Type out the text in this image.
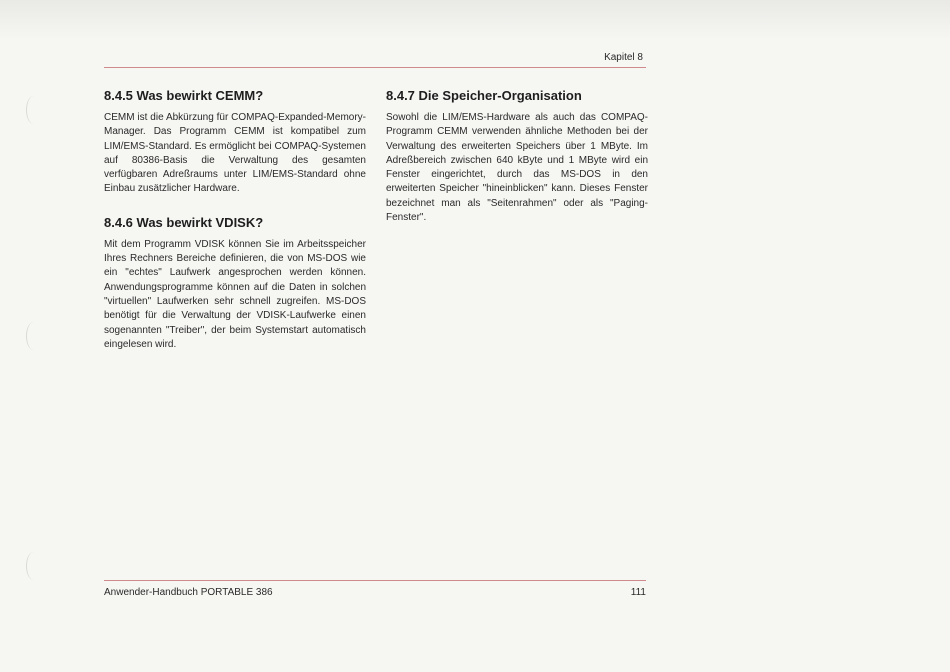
Kapitel 8
8.4.5 Was bewirkt CEMM?

CEMM ist die Abkürzung für COMPAQ-Expanded-Memory-Manager. Das Programm CEMM ist kompatibel zum LIM/EMS-Standard. Es ermöglicht bei COMPAQ-Systemen auf 80386-Basis die Verwaltung des gesamten verfügbaren Adreßraums unter LIM/EMS-Standard ohne Einbau zusätzlicher Hardware.

8.4.6 Was bewirkt VDISK?

Mit dem Programm VDISK können Sie im Arbeitsspeicher Ihres Rechners Bereiche definieren, die von MS-DOS wie ein "echtes" Laufwerk angesprochen werden können. Anwendungsprogramme können auf die Daten in solchen "virtuellen" Laufwerken sehr schnell zugreifen. MS-DOS benötigt für die Verwaltung der VDISK-Laufwerke einen sogenannten "Treiber", der beim Systemstart automatisch eingelesen wird.

8.4.7 Die Speicher-Organisation

Sowohl die LIM/EMS-Hardware als auch das COMPAQ-Programm CEMM verwenden ähnliche Methoden bei der Verwaltung des erweiterten Speichers über 1 MByte. Im Adreßbereich zwischen 640 kByte und 1 MByte wird ein Fenster eingerichtet, durch das MS-DOS in den erweiterten Speicher "hineinblicken" kann. Dieses Fenster bezeichnet man als "Seitenrahmen" oder als "Paging-Fenster".

Anwender-Handbuch PORTABLE 386	111
